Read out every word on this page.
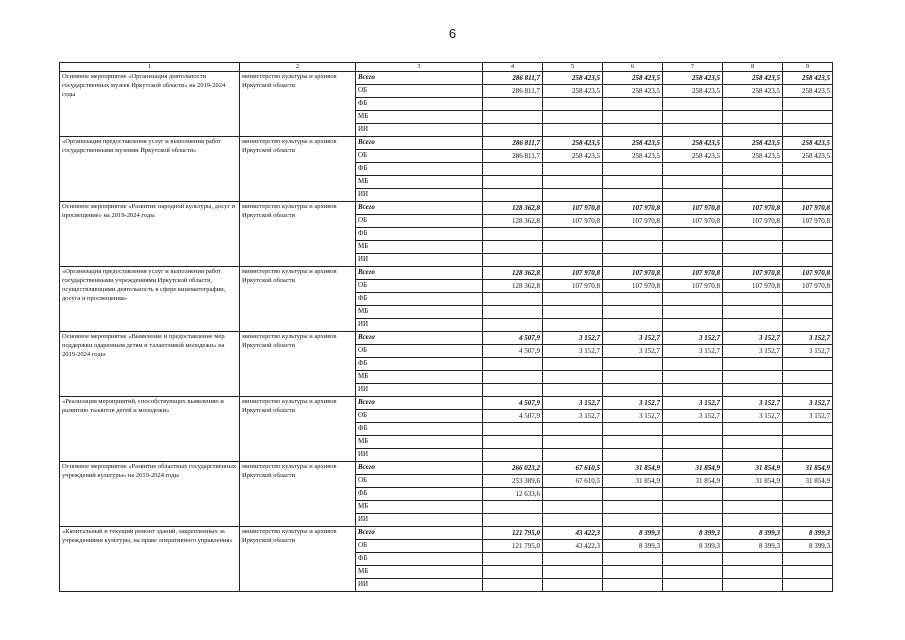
6
1	2	3	4	5	6	7	8	9
Основное мероприятие «Организация деятельности государственных музеев Иркутской области» на 2019-2024 годы	министерство культуры и архивов Иркутской области	Всего	286 811,7	258 423,5	258 423,5	258 423,5	258 423,5	258 423,5
		ОБ	286 811,7	258 423,5	258 423,5	258 423,5	258 423,5	258 423,5
		ФБ						
		МБ						
		ИИ						
«Организация предоставления услуг и выполнения работ государственными музеями Иркутской области»	министерство культуры и архивов Иркутской области	Всего	286 811,7	258 423,5	258 423,5	258 423,5	258 423,5	258 423,5
		ОБ	286 811,7	258 423,5	258 423,5	258 423,5	258 423,5	258 423,5
		ФБ						
		МБ						
		ИИ						
Основное мероприятие «Развитие народной культуры, досуг и просвещение» на 2019-2024 годы	министерство культуры и архивов Иркутской области	Всего	128 362,8	107 970,8	107 970,8	107 970,8	107 970,8	107 970,8
		ОБ	128 362,8	107 970,8	107 970,8	107 970,8	107 970,8	107 970,8
		ФБ						
		МБ						
		ИИ						
«Организация предоставления услуг и выполнения работ государственными учреждениями Иркутской области, осуществляющими деятельность в сфере кинематографии, досуга и просвещения»	министерство культуры и архивов Иркутской области	Всего	128 362,8	107 970,8	107 970,8	107 970,8	107 970,8	107 970,8
		ОБ	128 362,8	107 970,8	107 970,8	107 970,8	107 970,8	107 970,8
		ФБ						
		МБ						
		ИИ						
Основное мероприятие «Выявление и предоставление мер поддержки одаренным детям и талантливой молодежи» на 2019-2024 годы	министерство культуры и архивов Иркутской области	Всего	4 507,9	3 152,7	3 152,7	3 152,7	3 152,7	3 152,7
		ОБ	4 507,9	3 152,7	3 152,7	3 152,7	3 152,7	3 152,7
		ФБ						
		МБ						
		ИИ						
«Реализация мероприятий, способствующих выявлению и развитию талантов детей и молодежи»	министерство культуры и архивов Иркутской области	Всего	4 507,9	3 152,7	3 152,7	3 152,7	3 152,7	3 152,7
		ОБ	4 507,9	3 152,7	3 152,7	3 152,7	3 152,7	3 152,7
		ФБ						
		МБ						
		ИИ						
Основное мероприятие «Развитие областных государственных учреждений культуры» на 2019-2024 годы	министерство культуры и архивов Иркутской области	Всего	266 023,2	67 610,5	31 854,9	31 854,9	31 854,9	31 854,9
		ОБ	253 389,6	67 610,5	31 854,9	31 854,9	31 854,9	31 854,9
		ФБ	12 633,6					
		МБ						
		ИИ						
«Капитальный и текущий ремонт зданий, закрепленных за учреждениями культуры, на праве оперативного управления»	министерство культуры и архивов Иркутской области	Всего	121 795,0	43 422,3	8 399,3	8 399,3	8 399,3	8 399,3
		ОБ	121 795,0	43 422,3	8 399,3	8 399,3	8 399,3	8 399,3
		ФБ						
		МБ						
		ИИ						
